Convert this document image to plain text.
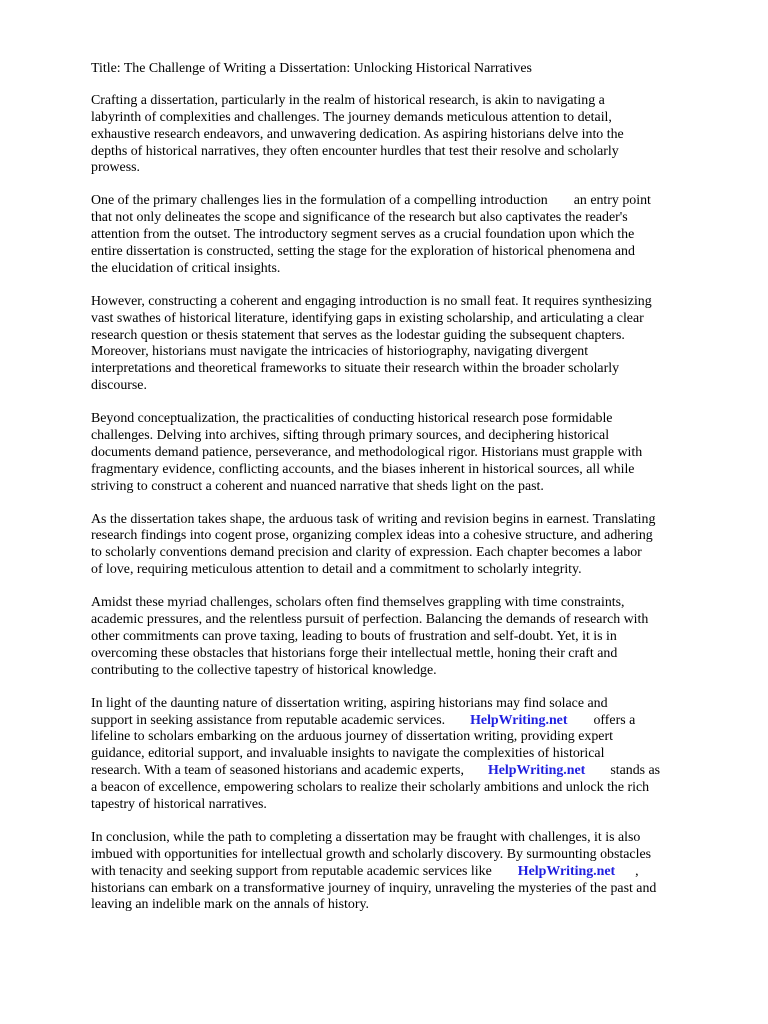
Title: The Challenge of Writing a Dissertation: Unlocking Historical Narratives
Crafting a dissertation, particularly in the realm of historical research, is akin to navigating a
labyrinth of complexities and challenges. The journey demands meticulous attention to detail,
exhaustive research endeavors, and unwavering dedication. As aspiring historians delve into the
depths of historical narratives, they often encounter hurdles that test their resolve and scholarly
prowess.
One of the primary challenges lies in the formulation of a compelling introduction an entry point
that not only delineates the scope and significance of the research but also captivates the reader's
attention from the outset. The introductory segment serves as a crucial foundation upon which the
entire dissertation is constructed, setting the stage for the exploration of historical phenomena and
the elucidation of critical insights.
However, constructing a coherent and engaging introduction is no small feat. It requires synthesizing
vast swathes of historical literature, identifying gaps in existing scholarship, and articulating a clear
research question or thesis statement that serves as the lodestar guiding the subsequent chapters.
Moreover, historians must navigate the intricacies of historiography, navigating divergent
interpretations and theoretical frameworks to situate their research within the broader scholarly
discourse.
Beyond conceptualization, the practicalities of conducting historical research pose formidable
challenges. Delving into archives, sifting through primary sources, and deciphering historical
documents demand patience, perseverance, and methodological rigor. Historians must grapple with
fragmentary evidence, conflicting accounts, and the biases inherent in historical sources, all while
striving to construct a coherent and nuanced narrative that sheds light on the past.
As the dissertation takes shape, the arduous task of writing and revision begins in earnest. Translating
research findings into cogent prose, organizing complex ideas into a cohesive structure, and adhering
to scholarly conventions demand precision and clarity of expression. Each chapter becomes a labor
of love, requiring meticulous attention to detail and a commitment to scholarly integrity.
Amidst these myriad challenges, scholars often find themselves grappling with time constraints,
academic pressures, and the relentless pursuit of perfection. Balancing the demands of research with
other commitments can prove taxing, leading to bouts of frustration and self-doubt. Yet, it is in
overcoming these obstacles that historians forge their intellectual mettle, honing their craft and
contributing to the collective tapestry of historical knowledge.
In light of the daunting nature of dissertation writing, aspiring historians may find solace and
support in seeking assistance from reputable academic services. HelpWriting.net offers a
lifeline to scholars embarking on the arduous journey of dissertation writing, providing expert
guidance, editorial support, and invaluable insights to navigate the complexities of historical
research. With a team of seasoned historians and academic experts, HelpWriting.net stands as
a beacon of excellence, empowering scholars to realize their scholarly ambitions and unlock the rich
tapestry of historical narratives.
In conclusion, while the path to completing a dissertation may be fraught with challenges, it is also
imbued with opportunities for intellectual growth and scholarly discovery. By surmounting obstacles
with tenacity and seeking support from reputable academic services like HelpWriting.net ,
historians can embark on a transformative journey of inquiry, unraveling the mysteries of the past and
leaving an indelible mark on the annals of history.
